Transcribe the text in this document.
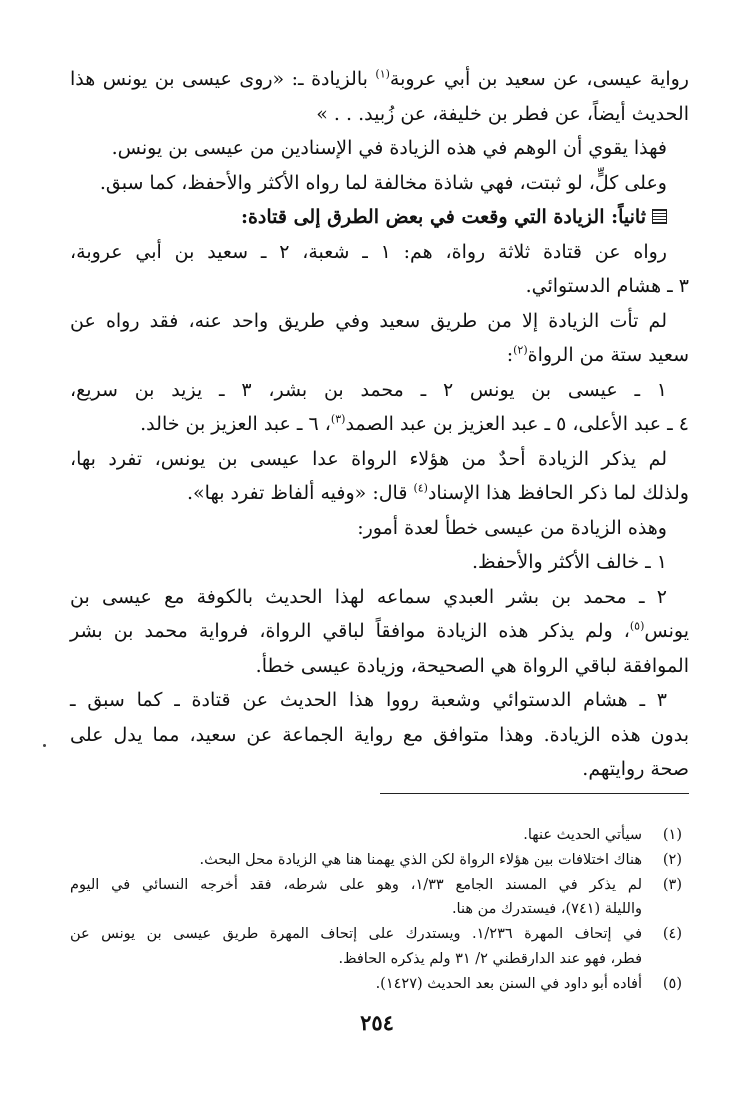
رواية عيسى، عن سعيد بن أبي عروبة$^{(١)}$ بالزيادة ـ: «روى عيسى بن يونس هذا
الحديث أيضاً، عن فطر بن خليفة، عن زُبيد. . . »
فهذا يقوي أن الوهم في هذه الزيادة في الإسنادين من عيسى بن يونس.
وعلى كلٍّ، لو ثبتت، فهي شاذة مخالفة لما رواه الأكثر والأحفظ، كما سبق.
ثانياً: الزيادة التي وقعت في بعض الطرق إلى قتادة:
رواه عن قتادة ثلاثة رواة، هم: ١ ـ شعبة، ٢ ـ سعيد بن أبي عروبة،
٣ ـ هشام الدستوائي.
لم تأت الزيادة إلا من طريق سعيد وفي طريق واحد عنه، فقد رواه عن
سعيد ستة من الرواة$^{(٢)}$:
١ ـ عيسى بن يونس ٢ ـ محمد بن بشر، ٣ ـ يزيد بن سريع،
٤ ـ عبد الأعلى، ٥ ـ عبد العزيز بن عبد الصمد$^{(٣)}$، ٦ ـ عبد العزيز بن خالد.
لم يذكر الزيادة أحدٌ من هؤلاء الرواة عدا عيسى بن يونس، تفرد بها،
ولذلك لما ذكر الحافظ هذا الإسناد$^{(٤)}$ قال: «وفيه ألفاظ تفرد بها».
وهذه الزيادة من عيسى خطأ لعدة أمور:
١ ـ خالف الأكثر والأحفظ.
٢ ـ محمد بن بشر العبدي سماعه لهذا الحديث بالكوفة مع عيسى بن
يونس$^{(٥)}$، ولم يذكر هذه الزيادة موافقاً لباقي الرواة، فرواية محمد بن بشر
الموافقة لباقي الرواة هي الصحيحة، وزيادة عيسى خطأ.
٣ ـ هشام الدستوائي وشعبة رووا هذا الحديث عن قتادة ـ كما سبق ـ
بدون هذه الزيادة. وهذا متوافق مع رواية الجماعة عن سعيد، مما يدل على
صحة روايتهم.
(١)
سيأتي الحديث عنها.
(٢)
هناك اختلافات بين هؤلاء الرواة لكن الذي يهمنا هنا هي الزيادة محل البحث.
(٣)
لم يذكر في المسند الجامع ١/٣٣، وهو على شرطه، فقد أخرجه النسائي في اليوم
والليلة (٧٤١)، فيستدرك من هنا.
(٤)
في إتحاف المهرة ١/٢٣٦. ويستدرك على إتحاف المهرة طريق عيسى بن يونس عن
فطر، فهو عند الدارقطني ٢/ ٣١ ولم يذكره الحافظ.
(٥)
أفاده أبو داود في السنن بعد الحديث (١٤٢٧).
٢٥٤
